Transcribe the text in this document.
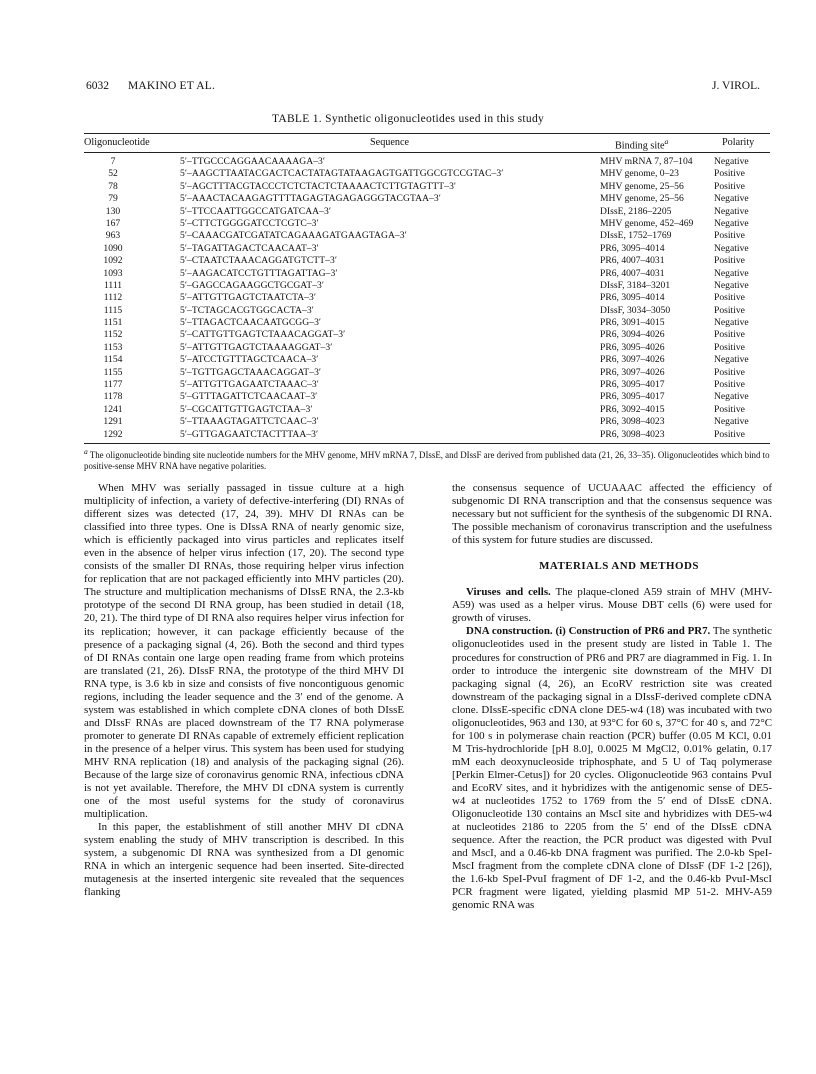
6032 MAKINO ET AL.	J. VIROL.
TABLE 1. Synthetic oligonucleotides used in this study
Oligonucleotide	Sequence	Binding site$^a$	Polarity
7	5′–TTGCCCAGGAACAAAAGA–3′	MHV mRNA 7, 87–104 Negative
52	5′–AAGCTTAATACGACTCACTATAGTATAAGAGTGATTGGCGTCCGTAC–3′	MHV genome, 0–23	Positive
78	5′–AGCTTTACGTACCCTCTCTACTCTAAAACTCTTGTAGTTT–3′	MHV genome, 25–56	Positive
79	5′–AAACTACAAGAGTTTTAGAGTAGAGAGGGTACGTAA–3′	MHV genome, 25–56	Negative
130	5′–TTCCAATTGGCCATGATCAA–3′	DIssE, 2186–2205	Negative
167	5′–CTTCTGGGGATCCTCGTC–3′	MHV genome, 452–469 Negative
963	5′–CAAACGATCGATATCAGAAAGATGAAGTAGA–3′	DIssE, 1752–1769	Positive
1090	5′–TAGATTAGACTCAACAAT–3′	PR6, 3095–4014	Negative
1092	5′–CTAATCTAAACAGGATGTCTT–3′	PR6, 4007–4031	Positive
1093	5′–AAGACATCCTGTTTAGATTAG–3′	PR6, 4007–4031	Negative
1111	5′–GAGCCAGAAGGCTGCGAT–3′	DIssF, 3184–3201	Negative
1112	5′–ATTGTTGAGTCTAATCTA–3′	PR6, 3095–4014	Positive
1115	5′–TCTAGCACGTGGCACTA–3′	DIssF, 3034–3050	Positive
1151	5′–TTAGACTCAACAATGCGG–3′	PR6, 3091–4015	Negative
1152	5′–CATTGTTGAGTCTAAACAGGAT–3′	PR6, 3094–4026	Positive
1153	5′–ATTGTTGAGTCTAAAAGGAT–3′	PR6, 3095–4026	Positive
1154	5′–ATCCTGTTTAGCTCAACA–3′	PR6, 3097–4026	Negative
1155	5′–TGTTGAGCTAAACAGGAT–3′	PR6, 3097–4026	Positive
1177	5′–ATTGTTGAGAATCTAAAC–3′	PR6, 3095–4017	Positive
1178	5′–GTTTAGATTCTCAACAAT–3′	PR6, 3095–4017	Negative
1241	5′–CGCATTGTTGAGTCTAA–3′	PR6, 3092–4015	Positive
1291	5′–TTAAAGTAGATTCTCAAC–3′	PR6, 3098–4023	Negative
1292	5′–GTTGAGAATCTACTTTAA–3′	PR6, 3098–4023	Positive
$^a$ The oligonucleotide binding site nucleotide numbers for the MHV genome, MHV mRNA 7, DIssE, and DIssF are derived from published data (21, 26, 33–35). Oligonucleotides which bind to positive-sense MHV RNA have negative polarities.

When MHV was serially passaged in tissue culture at a high multiplicity of infection, a variety of defective-interfering (DI) RNAs of different sizes was detected (17, 24, 39). MHV DI RNAs can be classified into three types. One is DIssA RNA of nearly genomic size, which is efficiently packaged into virus particles and replicates itself even in the absence of helper virus infection (17, 20). The second type consists of the smaller DI RNAs, those requiring helper virus infection for replication that are not packaged efficiently into MHV particles (20). The structure and multiplication mechanisms of DIssE RNA, the 2.3-kb prototype of the second DI RNA group, has been studied in detail (18, 20, 21). The third type of DI RNA also requires helper virus infection for its replication; however, it can package efficiently because of the presence of a packaging signal (4, 26). Both the second and third types of DI RNAs contain one large open reading frame from which proteins are translated (21, 26). DIssF RNA, the prototype of the third MHV DI RNA type, is 3.6 kb in size and consists of five noncontiguous genomic regions, including the leader sequence and the 3′ end of the genome. A system was established in which complete cDNA clones of both DIssE and DIssF RNAs are placed downstream of the T7 RNA polymerase promoter to generate DI RNAs capable of extremely efficient replication in the presence of a helper virus. This system has been used for studying MHV RNA replication (18) and analysis of the packaging signal (26). Because of the large size of coronavirus genomic RNA, infectious cDNA is not yet available. Therefore, the MHV DI cDNA system is currently one of the most useful systems for the study of coronavirus multiplication.

In this paper, the establishment of still another MHV DI cDNA system enabling the study of MHV transcription is described. In this system, a subgenomic DI RNA was synthesized from a DI genomic RNA in which an intergenic sequence had been inserted. Site-directed mutagenesis at the inserted intergenic site revealed that the sequences flanking

the consensus sequence of UCUAAAC affected the efficiency of subgenomic DI RNA transcription and that the consensus sequence was necessary but not sufficient for the synthesis of the subgenomic DI RNA. The possible mechanism of coronavirus transcription and the usefulness of this system for future studies are discussed.

MATERIALS AND METHODS

Viruses and cells. The plaque-cloned A59 strain of MHV (MHV-A59) was used as a helper virus. Mouse DBT cells (6) were used for growth of viruses.

DNA construction. (i) Construction of PR6 and PR7. The synthetic oligonucleotides used in the present study are listed in Table 1. The procedures for construction of PR6 and PR7 are diagrammed in Fig. 1. In order to introduce the intergenic site downstream of the MHV DI packaging signal (4, 26), an EcoRV restriction site was created downstream of the packaging signal in a DIssF-derived complete cDNA clone. DIssE-specific cDNA clone DE5-w4 (18) was incubated with two oligonucleotides, 963 and 130, at 93°C for 60 s, 37°C for 40 s, and 72°C for 100 s in polymerase chain reaction (PCR) buffer (0.05 M KCl, 0.01 M Tris-hydrochloride [pH 8.0], 0.0025 M MgCl2, 0.01% gelatin, 0.17 mM each deoxynucleoside triphosphate, and 5 U of Taq polymerase [Perkin Elmer-Cetus]) for 20 cycles. Oligonucleotide 963 contains PvuI and EcoRV sites, and it hybridizes with the antigenomic sense of DE5-w4 at nucleotides 1752 to 1769 from the 5′ end of DIssE cDNA. Oligonucleotide 130 contains an MscI site and hybridizes with DE5-w4 at nucleotides 2186 to 2205 from the 5′ end of the DIssE cDNA sequence. After the reaction, the PCR product was digested with PvuI and MscI, and a 0.46-kb DNA fragment was purified. The 2.0-kb SpeI-MscI fragment from the complete cDNA clone of DIssF (DF 1-2 [26]), the 1.6-kb SpeI-PvuI fragment of DF 1-2, and the 0.46-kb PvuI-MscI PCR fragment were ligated, yielding plasmid MP 51-2. MHV-A59 genomic RNA was
